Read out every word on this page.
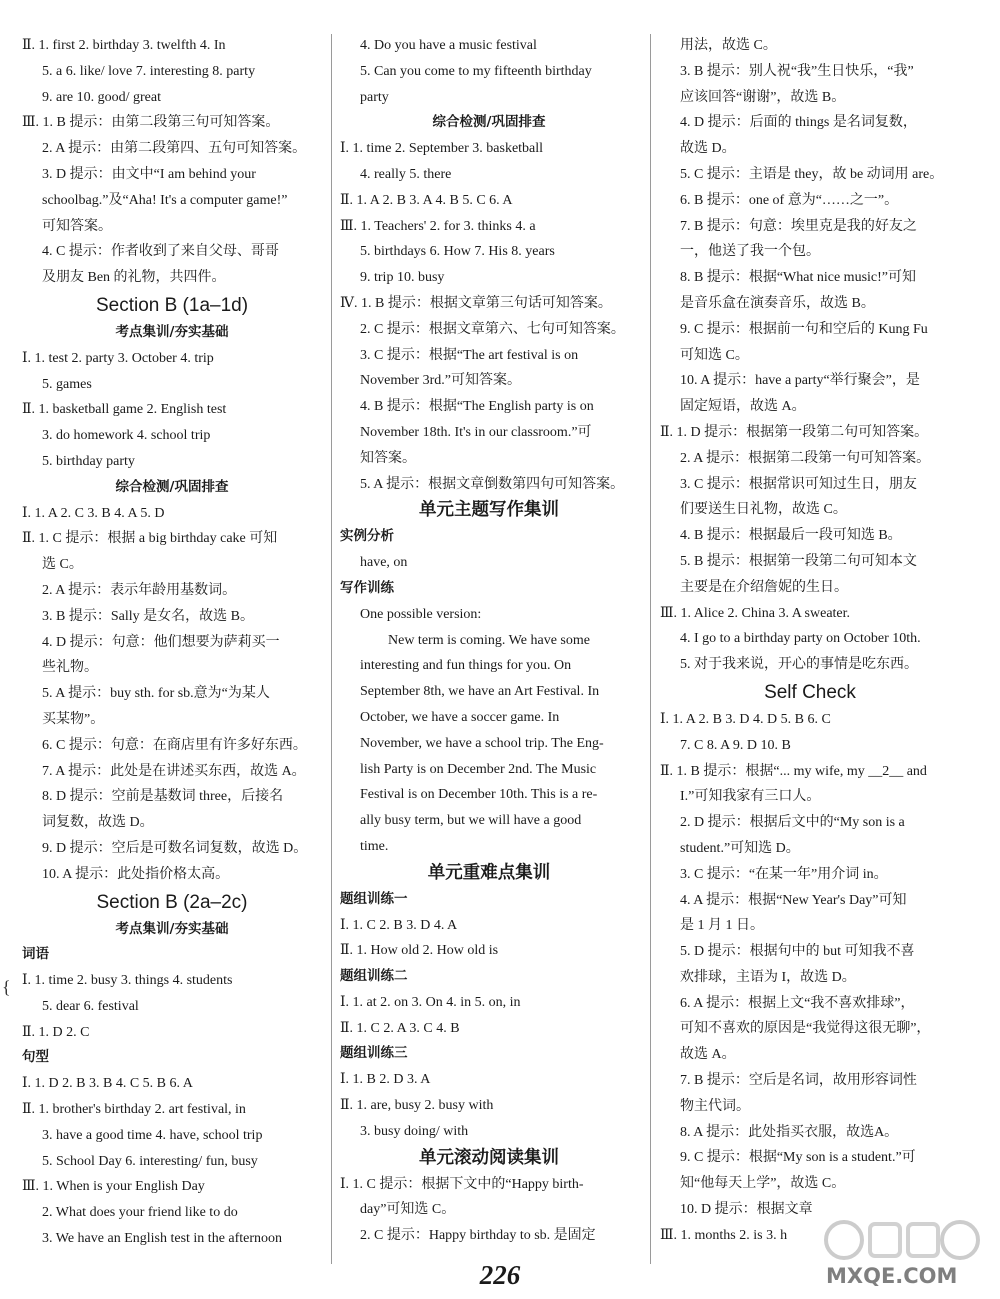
Ⅱ. 1. first 2. birthday 3. twelfth 4. In
5. a 6. like/ love 7. interesting 8. party
9. are 10. good/ great
Ⅲ. 1. B 提示：由第二段第三句可知答案。
2. A 提示：由第二段第四、五句可知答案。
3. D 提示：由文中“I am behind your
schoolbag.”及“Aha! It's a computer game!”
可知答案。
4. C 提示：作者收到了来自父母、哥哥
及朋友 Ben 的礼物，共四件。
Section B (1a–1d)
考点集训/夯实基础
Ⅰ. 1. test 2. party 3. October 4. trip
5. games
Ⅱ. 1. basketball game 2. English test
3. do homework 4. school trip
5. birthday party
综合检测/巩固排查
Ⅰ. 1. A 2. C 3. B 4. A 5. D
Ⅱ. 1. C 提示：根据 a big birthday cake 可知
选 C。
2. A 提示：表示年龄用基数词。
3. B 提示：Sally 是女名，故选 B。
4. D 提示：句意：他们想要为萨莉买一
些礼物。
5. A 提示：buy sth. for sb.意为“为某人
买某物”。
6. C 提示：句意：在商店里有许多好东西。
7. A 提示：此处是在讲述买东西，故选 A。
8. D 提示：空前是基数词 three，后接名
词复数，故选 D。
9. D 提示：空后是可数名词复数，故选 D。
10. A 提示：此处指价格太高。
Section B (2a–2c)
考点集训/夯实基础
词语
Ⅰ. 1. time 2. busy 3. things 4. students
5. dear 6. festival
Ⅱ. 1. D 2. C
句型
Ⅰ. 1. D 2. B 3. B 4. C 5. B 6. A
Ⅱ. 1. brother's birthday 2. art festival, in
3. have a good time 4. have, school trip
5. School Day 6. interesting/ fun, busy
Ⅲ. 1. When is your English Day
2. What does your friend like to do
3. We have an English test in the afternoon
4. Do you have a music festival
5. Can you come to my fifteenth birthday
party
综合检测/巩固排查
Ⅰ. 1. time 2. September 3. basketball
4. really 5. there
Ⅱ. 1. A 2. B 3. A 4. B 5. C 6. A
Ⅲ. 1. Teachers' 2. for 3. thinks 4. a
5. birthdays 6. How 7. His 8. years
9. trip 10. busy
Ⅳ. 1. B 提示：根据文章第三句话可知答案。
2. C 提示：根据文章第六、七句可知答案。
3. C 提示：根据“The art festival is on
November 3rd.”可知答案。
4. B 提示：根据“The English party is on
November 18th. It's in our classroom.”可
知答案。
5. A 提示：根据文章倒数第四句可知答案。
单元主题写作集训
实例分析
have, on
写作训练
One possible version:
New term is coming. We have some
interesting and fun things for you. On
September 8th, we have an Art Festival. In
October, we have a soccer game. In
November, we have a school trip. The Eng-
lish Party is on December 2nd. The Music
Festival is on December 10th. This is a re-
ally busy term, but we will have a good
time.
单元重难点集训
题组训练一
Ⅰ. 1. C 2. B 3. D 4. A
Ⅱ. 1. How old 2. How old is
题组训练二
Ⅰ. 1. at 2. on 3. On 4. in 5. on, in
Ⅱ. 1. C 2. A 3. C 4. B
题组训练三
Ⅰ. 1. B 2. D 3. A
Ⅱ. 1. are, busy 2. busy with
3. busy doing/ with
单元滚动阅读集训
Ⅰ. 1. C 提示：根据下文中的“Happy birth-
day”可知选 C。
2. C 提示：Happy birthday to sb. 是固定
用法，故选 C。
3. B 提示：别人祝“我”生日快乐，“我”
应该回答“谢谢”，故选 B。
4. D 提示：后面的 things 是名词复数，
故选 D。
5. C 提示：主语是 they，故 be 动词用 are。
6. B 提示：one of 意为“……之一”。
7. B 提示：句意：埃里克是我的好友之
一，他送了我一个包。
8. B 提示：根据“What nice music!”可知
是音乐盒在演奏音乐，故选 B。
9. C 提示：根据前一句和空后的 Kung Fu
可知选 C。
10. A 提示：have a party“举行聚会”，是
固定短语，故选 A。
Ⅱ. 1. D 提示：根据第一段第二句可知答案。
2. A 提示：根据第二段第一句可知答案。
3. C 提示：根据常识可知过生日，朋友
们要送生日礼物，故选 C。
4. B 提示：根据最后一段可知选 B。
5. B 提示：根据第一段第二句可知本文
主要是在介绍詹妮的生日。
Ⅲ. 1. Alice 2. China 3. A sweater.
4. I go to a birthday party on October 10th.
5. 对于我来说，开心的事情是吃东西。
Self Check
Ⅰ. 1. A 2. B 3. D 4. D 5. B 6. C
7. C 8. A 9. D 10. B
Ⅱ. 1. B 提示：根据“... my wife, my __2__ and
I.”可知我家有三口人。
2. D 提示：根据后文中的“My son is a
student.”可知选 D。
3. C 提示：“在某一年”用介词 in。
4. A 提示：根据“New Year's Day”可知
是 1 月 1 日。
5. D 提示：根据句中的 but 可知我不喜
欢排球，主语为 I，故选 D。
6. A 提示：根据上文“我不喜欢排球”，
可知不喜欢的原因是“我觉得这很无聊”，
故选 A。
7. B 提示：空后是名词，故用形容词性
物主代词。
8. A 提示：此处指买衣服，故选A。
9. C 提示：根据“My son is a student.”可
知“他每天上学”，故选 C。
10. D 提示：根据文章
Ⅲ. 1. months 2. is 3. h
{
226	MXQE.COM
